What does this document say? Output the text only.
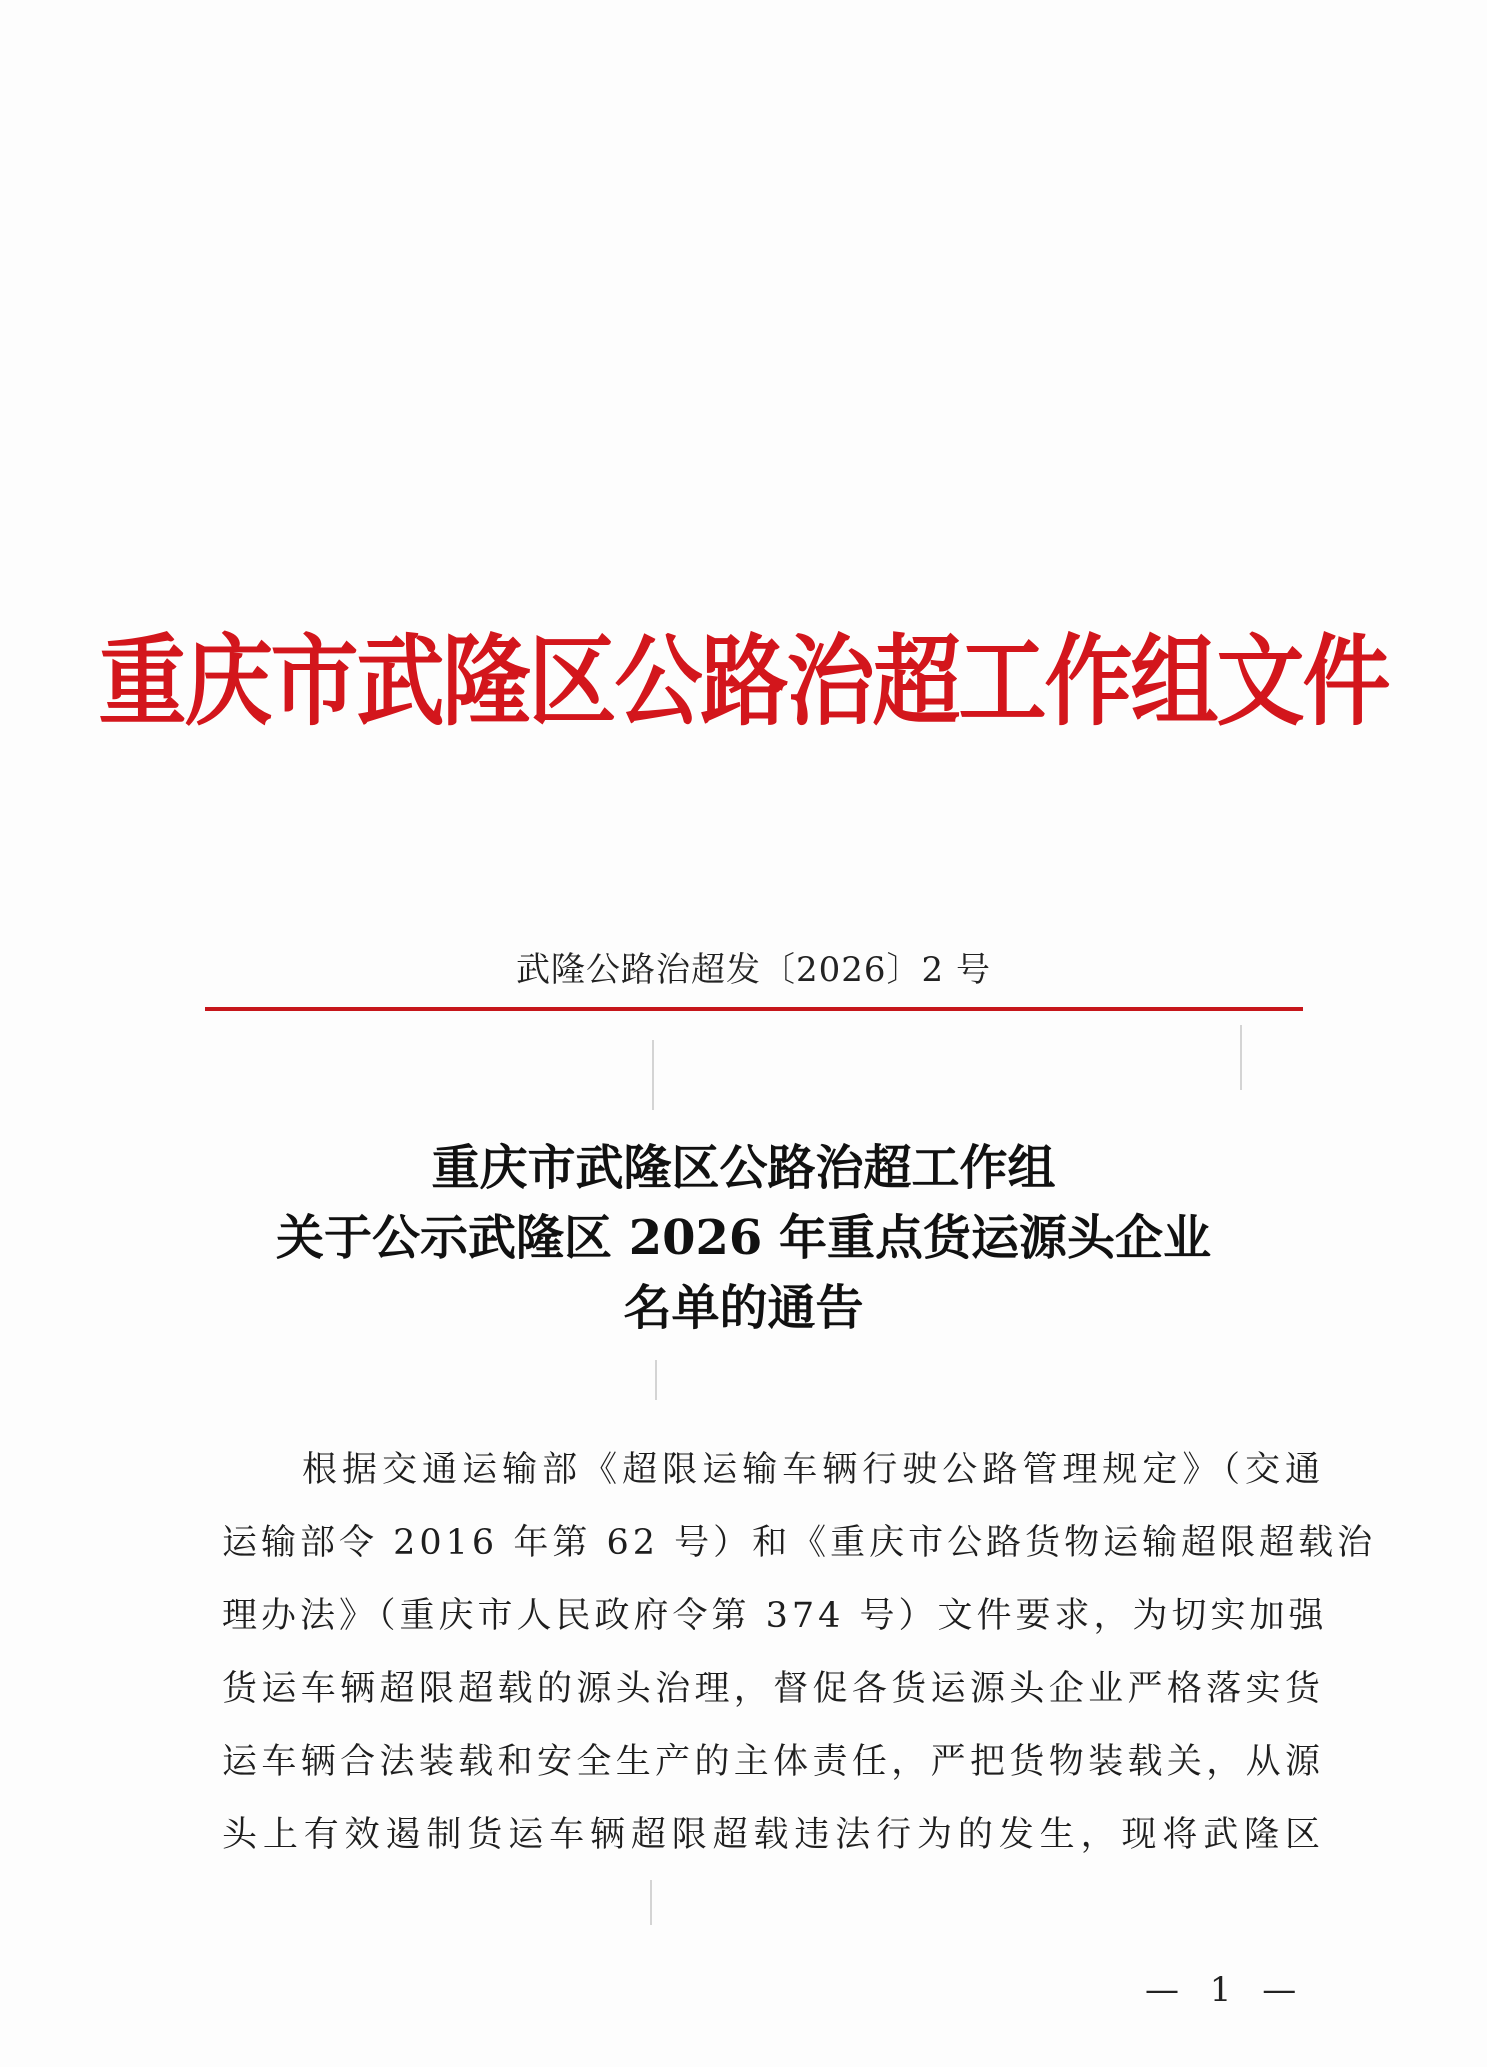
重庆市武隆区公路治超工作组文件
武隆公路治超发〔2026〕2 号
重庆市武隆区公路治超工作组
关于公示武隆区 2026 年重点货运源头企业
名单的通告
根据交通运输部《超限运输车辆行驶公路管理规定》（交通
运输部令 2016 年第 62 号）和《重庆市公路货物运输超限超载治
理办法》（重庆市人民政府令第 374 号）文件要求，为切实加强
货运车辆超限超载的源头治理，督促各货运源头企业严格落实货
运车辆合法装载和安全生产的主体责任，严把货物装载关，从源
头上有效遏制货运车辆超限超载违法行为的发生，现将武隆区
— 1 —
